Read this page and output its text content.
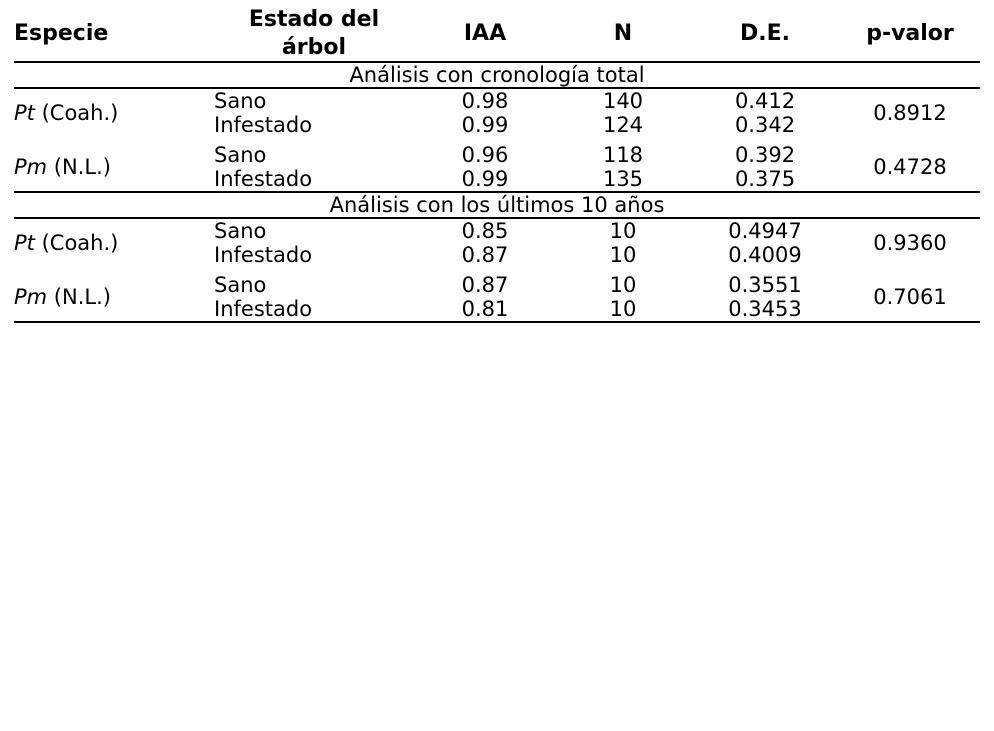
Especie	Estado del árbol	IAA	N	D.E.	p-valor
Análisis con cronología total					
Pt (Coah.)	Sano	0.98	140	0.412	0.8912
	Infestado	0.99	124	0.342	

Pm (N.L.)	Sano	0.96	118	0.392	0.4728
	Infestado	0.99	135	0.375	
Análisis con los últimos 10 años					
Pt (Coah.)	Sano	0.85	10	0.4947	0.9360
	Infestado	0.87	10	0.4009	

Pm (N.L.)	Sano	0.87	10	0.3551	0.7061
	Infestado	0.81	10	0.3453	
